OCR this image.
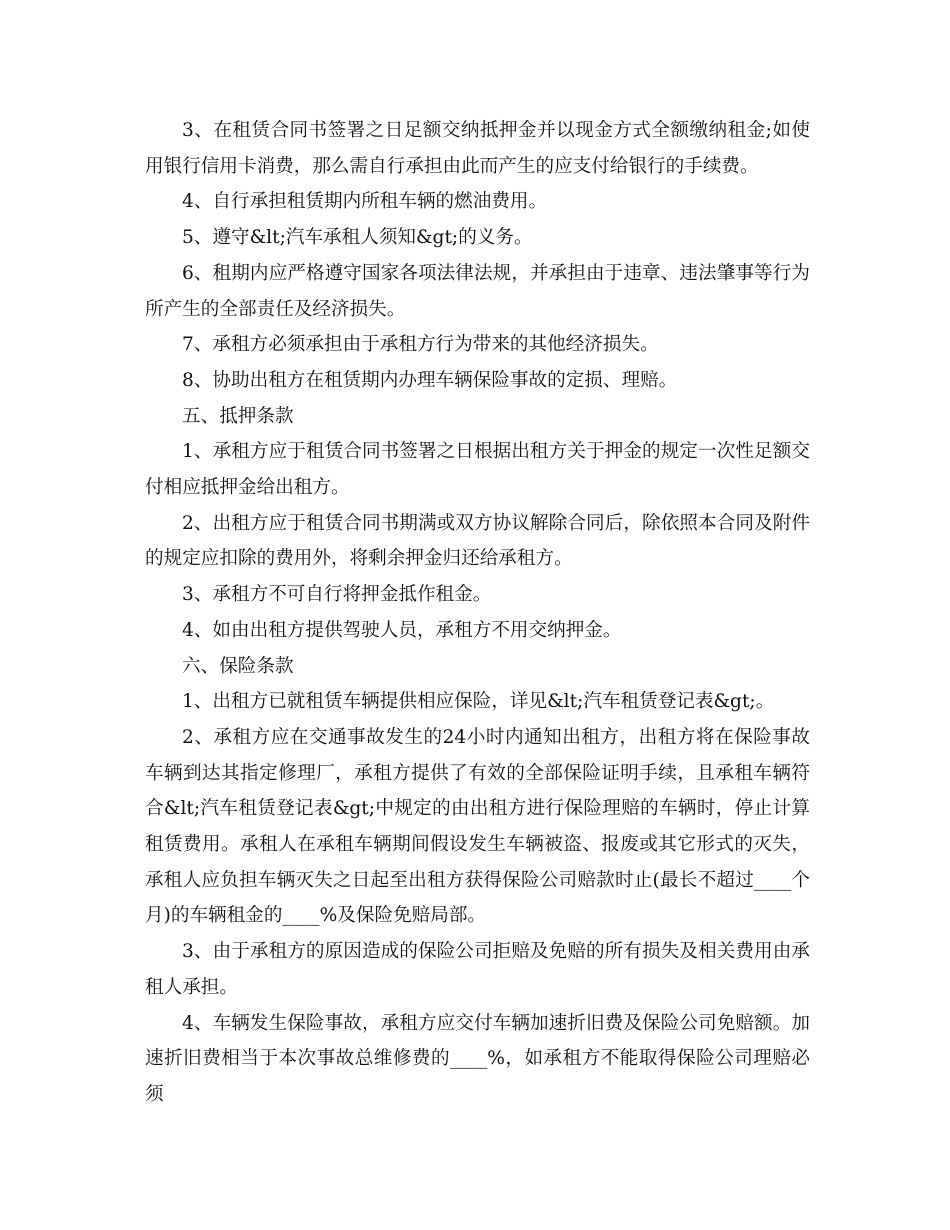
3、在租赁合同书签署之日足额交纳抵押金并以现金方式全额缴纳租金;如使用银行信用卡消费，那么需自行承担由此而产生的应支付给银行的手续费。

4、自行承担租赁期内所租车辆的燃油费用。

5、遵守&lt;汽车承租人须知&gt;的义务。

6、租期内应严格遵守国家各项法律法规，并承担由于违章、违法肇事等行为所产生的全部责任及经济损失。

7、承租方必须承担由于承租方行为带来的其他经济损失。

8、协助出租方在租赁期内办理车辆保险事故的定损、理赔。

五、抵押条款

1、承租方应于租赁合同书签署之日根据出租方关于押金的规定一次性足额交付相应抵押金给出租方。

2、出租方应于租赁合同书期满或双方协议解除合同后，除依照本合同及附件的规定应扣除的费用外，将剩余押金归还给承租方。

3、承租方不可自行将押金抵作租金。

4、如由出租方提供驾驶人员，承租方不用交纳押金。

六、保险条款

1、出租方已就租赁车辆提供相应保险，详见&lt;汽车租赁登记表&gt;。

2、承租方应在交通事故发生的24小时内通知出租方，出租方将在保险事故车辆到达其指定修理厂，承租方提供了有效的全部保险证明手续，且承租车辆符合&lt;汽车租赁登记表&gt;中规定的由出租方进行保险理赔的车辆时，停止计算租赁费用。承租人在承租车辆期间假设发生车辆被盗、报废或其它形式的灭失，承租人应负担车辆灭失之日起至出租方获得保险公司赔款时止(最长不超过____个月)的车辆租金的____%及保险免赔局部。

3、由于承租方的原因造成的保险公司拒赔及免赔的所有损失及相关费用由承租人承担。

4、车辆发生保险事故，承租方应交付车辆加速折旧费及保险公司免赔额。加速折旧费相当于本次事故总维修费的____%，如承租方不能取得保险公司理赔必须
